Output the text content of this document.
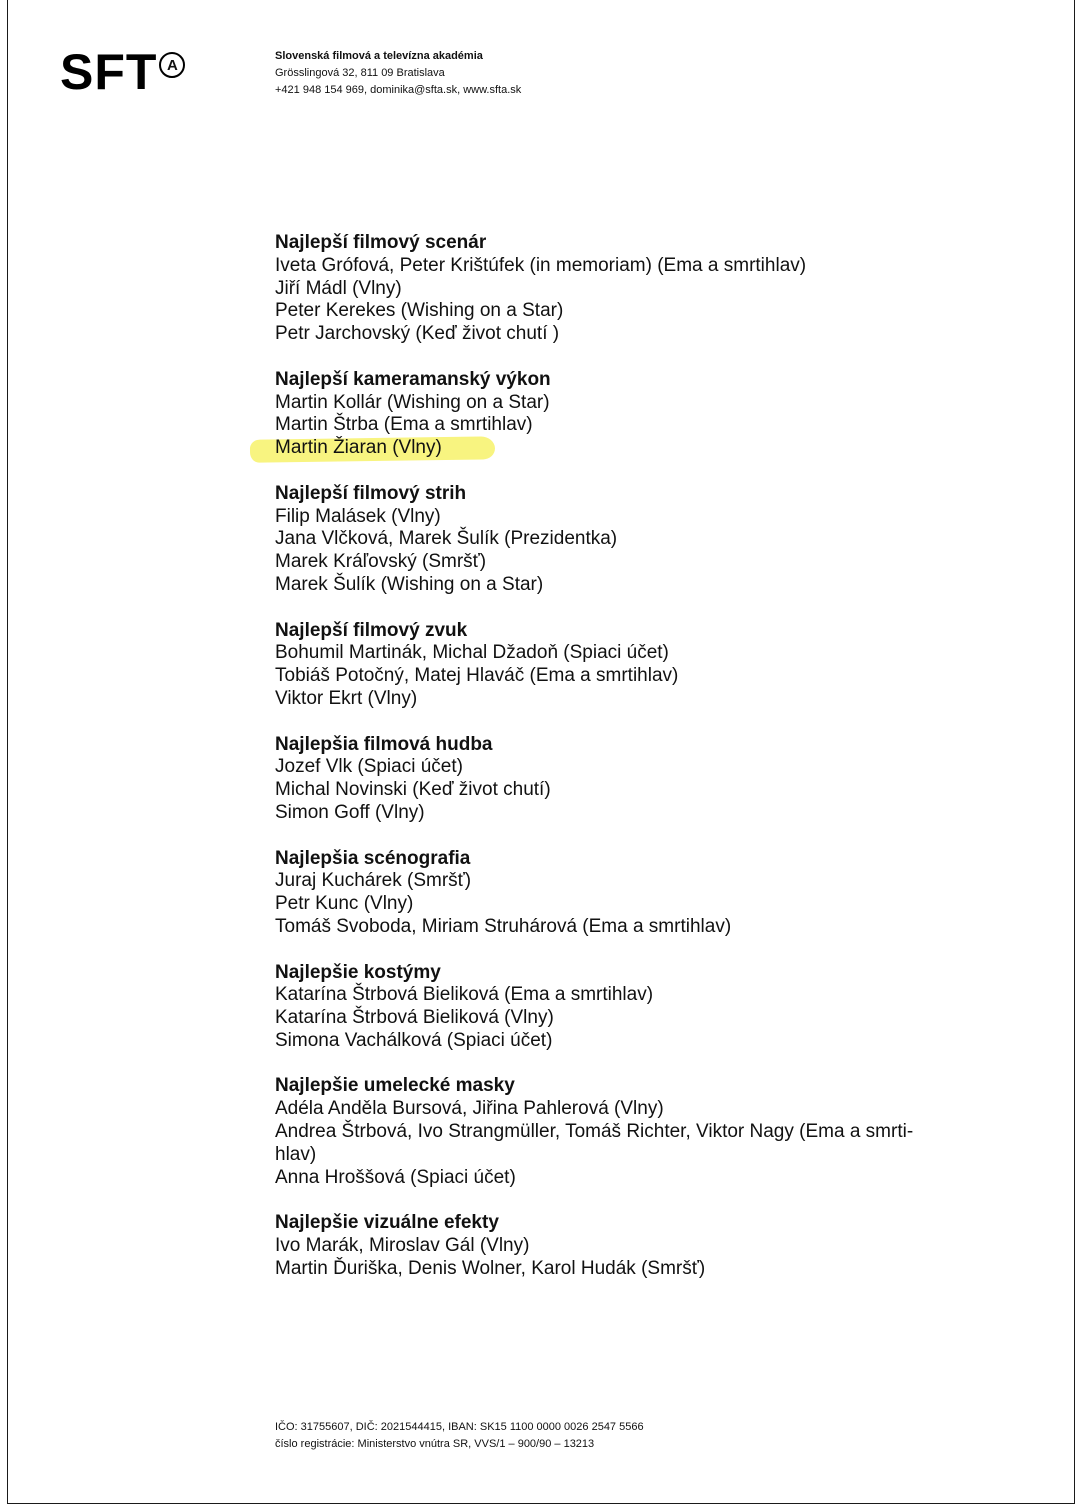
SFT A
Slovenská filmová a televízna akadémia
Grösslingová 32, 811 09 Bratislava
+421 948 154 969, dominika@sfta.sk, www.sfta.sk
Najlepší filmový scenár
Iveta Grófová, Peter Krištúfek (in memoriam) (Ema a smrtihlav)
Jiří Mádl (Vlny)
Peter Kerekes (Wishing on a Star)
Petr Jarchovský (Keď život chutí )
Najlepší kameramanský výkon
Martin Kollár (Wishing on a Star)
Martin Štrba (Ema a smrtihlav)
Martin Žiaran (Vlny)
Najlepší filmový strih
Filip Malásek (Vlny)
Jana Vlčková, Marek Šulík (Prezidentka)
Marek Kráľovský (Smršť)
Marek Šulík (Wishing on a Star)
Najlepší filmový zvuk
Bohumil Martinák, Michal Džadoň (Spiaci účet)
Tobiáš Potočný, Matej Hlaváč (Ema a smrtihlav)
Viktor Ekrt (Vlny)
Najlepšia filmová hudba
Jozef Vlk (Spiaci účet)
Michal Novinski (Keď život chutí)
Simon Goff (Vlny)
Najlepšia scénografia
Juraj Kuchárek (Smršť)
Petr Kunc (Vlny)
Tomáš Svoboda, Miriam Struhárová (Ema a smrtihlav)
Najlepšie kostýmy
Katarína Štrbová Bieliková (Ema a smrtihlav)
Katarína Štrbová Bieliková (Vlny)
Simona Vachálková (Spiaci účet)
Najlepšie umelecké masky
Adéla Anděla Bursová, Jiřina Pahlerová (Vlny)
Andrea Štrbová, Ivo Strangmüller, Tomáš Richter, Viktor Nagy (Ema a smrti-
hlav)
Anna Hroššová (Spiaci účet)
Najlepšie vizuálne efekty
Ivo Marák, Miroslav Gál (Vlny)
Martin Ďuriška, Denis Wolner, Karol Hudák (Smršť)
IČO: 31755607, DIČ: 2021544415, IBAN: SK15 1100 0000 0026 2547 5566
číslo registrácie: Ministerstvo vnútra SR, VVS/1 – 900/90 – 13213
